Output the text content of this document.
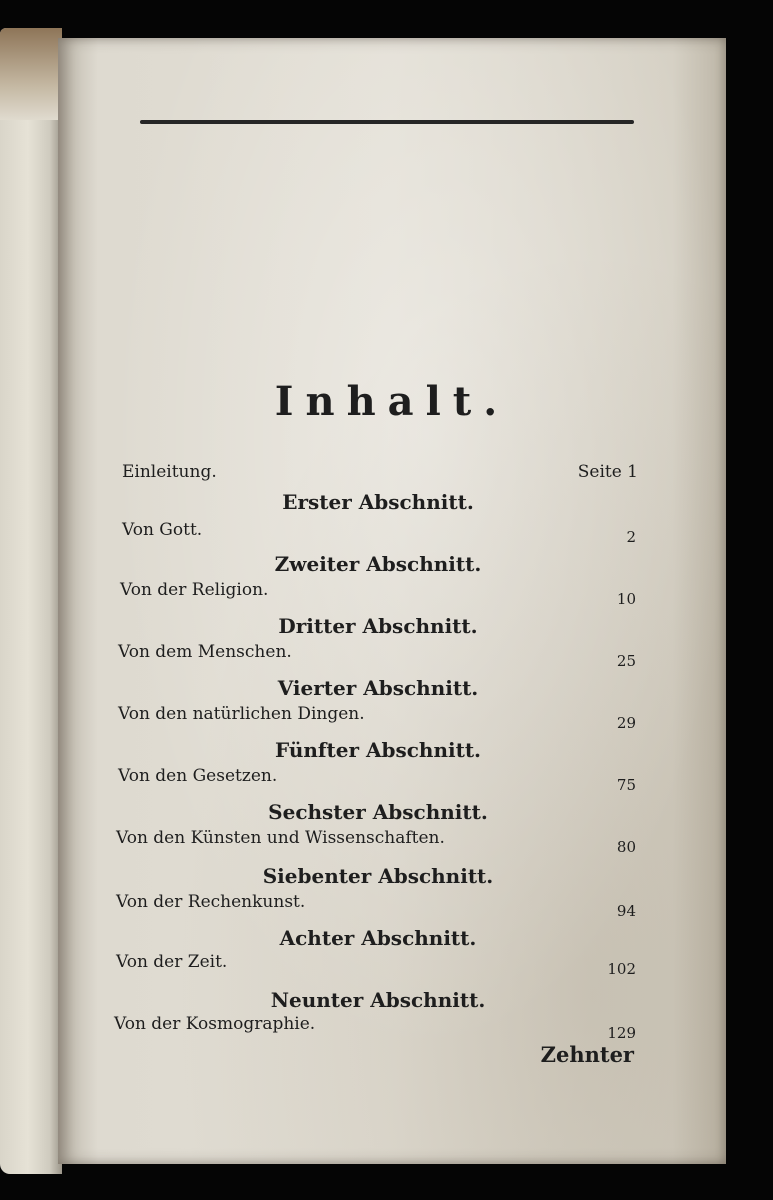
Inhalt.
Einleitung.	Seite 1
Erster Abschnitt.
Von Gott.	2
Zweiter Abschnitt.
Von der Religion.	10
Dritter Abschnitt.
Von dem Menschen.	25
Vierter Abschnitt.
Von den natürlichen Dingen.	29
Fünfter Abschnitt.
Von den Gesetzen.	75
Sechster Abschnitt.
Von den Künsten und Wissenschaften.	80
Siebenter Abschnitt.
Von der Rechenkunst.	94
Achter Abschnitt.
Von der Zeit.	102
Neunter Abschnitt.
Von der Kosmographie.	129
Zehnter
